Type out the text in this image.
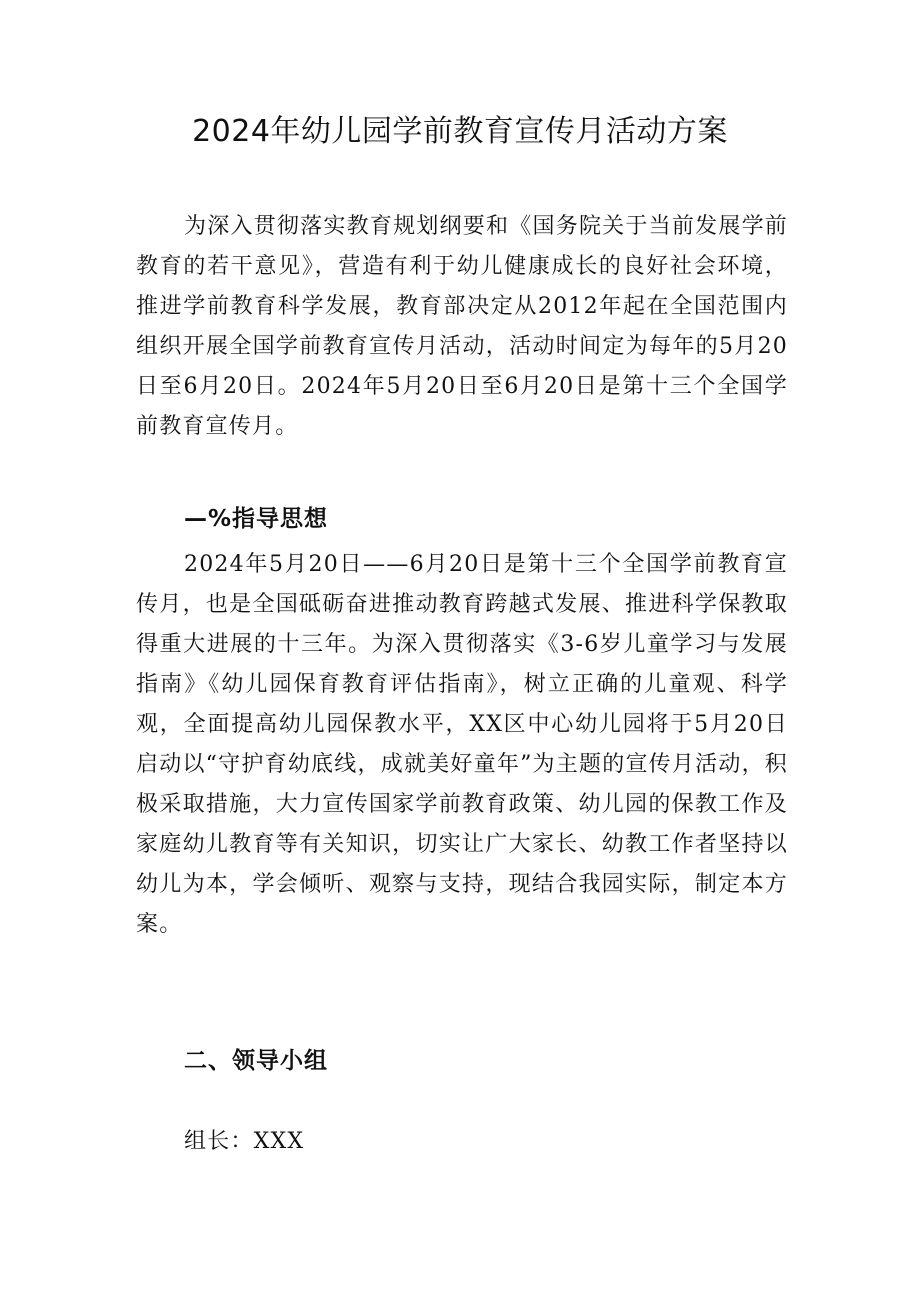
2024年幼儿园学前教育宣传月活动方案

为深入贯彻落实教育规划纲要和《国务院关于当前发展学前教育的若干意见》，营造有利于幼儿健康成长的良好社会环境，推进学前教育科学发展，教育部决定从2012年起在全国范围内组织开展全国学前教育宣传月活动，活动时间定为每年的5月20日至6月20日。2024年5月20日至6月20日是第十三个全国学前教育宣传月。

—%指导思想

2024年5月20日——6月20日是第十三个全国学前教育宣传月，也是全国砥砺奋进推动教育跨越式发展、推进科学保教取得重大进展的十三年。为深入贯彻落实《3-6岁儿童学习与发展指南》《幼儿园保育教育评估指南》，树立正确的儿童观、科学观，全面提高幼儿园保教水平，XX区中心幼儿园将于5月20日启动以“守护育幼底线，成就美好童年”为主题的宣传月活动，积极采取措施，大力宣传国家学前教育政策、幼儿园的保教工作及家庭幼儿教育等有关知识，切实让广大家长、幼教工作者坚持以幼儿为本，学会倾听、观察与支持，现结合我园实际，制定本方案。

二、领导小组

组长：XXX
